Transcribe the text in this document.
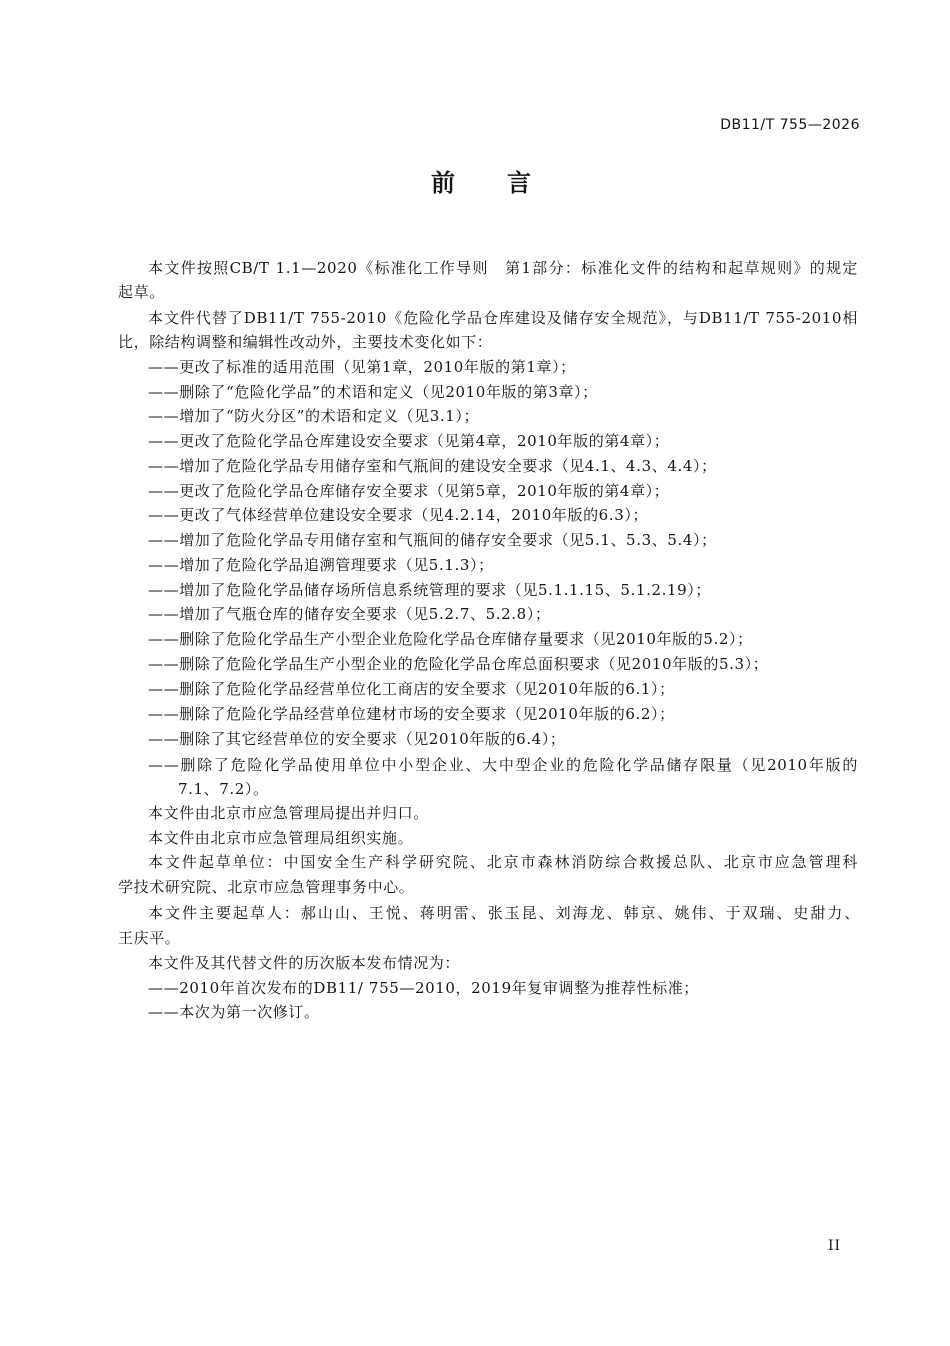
DB11/T 755—2026
前　言
本文件按照CB/T 1.1—2020《标准化工作导则　第1部分：标准化文件的结构和起草规则》的规定
起草。
本文件代替了DB11/T 755-2010《危险化学品仓库建设及储存安全规范》，与DB11/T 755-2010相
比，除结构调整和编辑性改动外，主要技术变化如下：
——更改了标准的适用范围（见第1章，2010年版的第1章）；
——删除了“危险化学品”的术语和定义（见2010年版的第3章）；
——增加了“防火分区”的术语和定义（见3.1）；
——更改了危险化学品仓库建设安全要求（见第4章，2010年版的第4章）；
——增加了危险化学品专用储存室和气瓶间的建设安全要求（见4.1、4.3、4.4）；
——更改了危险化学品仓库储存安全要求（见第5章，2010年版的第4章）；
——更改了气体经营单位建设安全要求（见4.2.14，2010年版的6.3）；
——增加了危险化学品专用储存室和气瓶间的储存安全要求（见5.1、5.3、5.4）；
——增加了危险化学品追溯管理要求（见5.1.3）；
——增加了危险化学品储存场所信息系统管理的要求（见5.1.1.15、5.1.2.19）；
——增加了气瓶仓库的储存安全要求（见5.2.7、5.2.8）；
——删除了危险化学品生产小型企业危险化学品仓库储存量要求（见2010年版的5.2）；
——删除了危险化学品生产小型企业的危险化学品仓库总面积要求（见2010年版的5.3）；
——删除了危险化学品经营单位化工商店的安全要求（见2010年版的6.1）；
——删除了危险化学品经营单位建材市场的安全要求（见2010年版的6.2）；
——删除了其它经营单位的安全要求（见2010年版的6.4）；
——删除了危险化学品使用单位中小型企业、大中型企业的危险化学品储存限量（见2010年版的
7.1、7.2）。
本文件由北京市应急管理局提出并归口。
本文件由北京市应急管理局组织实施。
本文件起草单位：中国安全生产科学研究院、北京市森林消防综合救援总队、北京市应急管理科
学技术研究院、北京市应急管理事务中心。
本文件主要起草人：郝山山、王悦、蒋明雷、张玉昆、刘海龙、韩京、姚伟、于双瑞、史甜力、
王庆平。
本文件及其代替文件的历次版本发布情况为：
——2010年首次发布的DB11/ 755—2010，2019年复审调整为推荐性标准；
——本次为第一次修订。
II
